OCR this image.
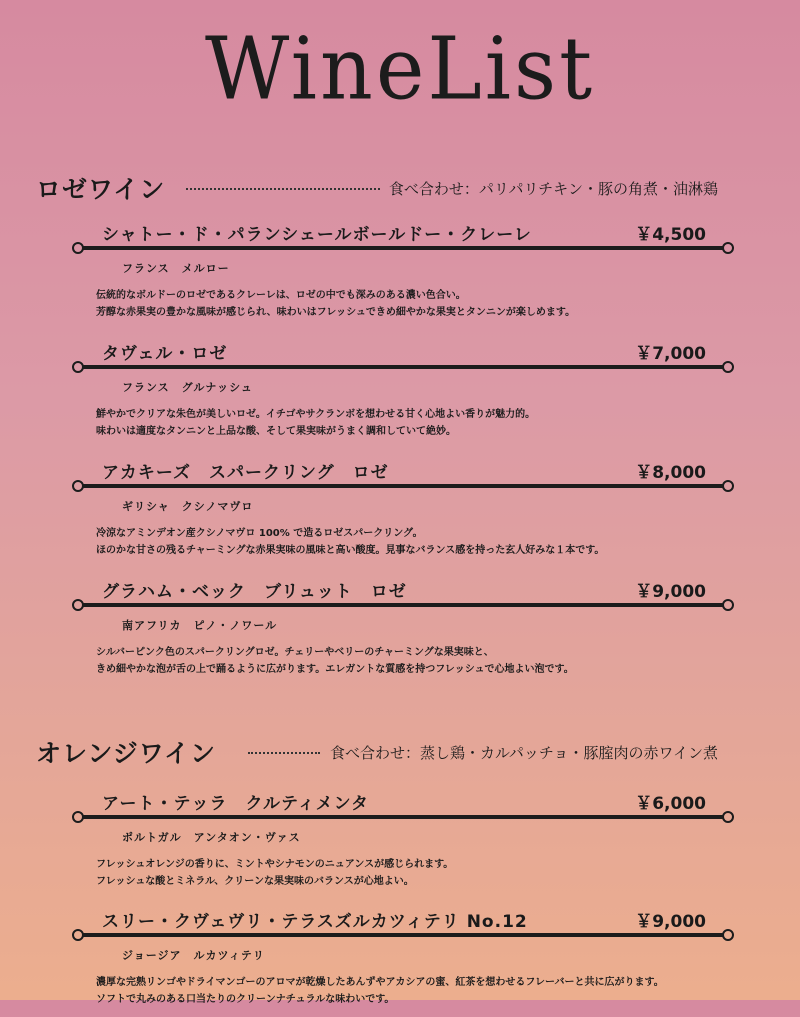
WineList
ロゼワイン	食べ合わせ：パリパリチキン・豚の角煮・油淋鶏
シャトー・ド・パランシェールボールドー・クレーレ	￥4,500
フランス　メルロー
伝統的なボルドーのロゼであるクレーレは、ロゼの中でも深みのある濃い色合い。
芳醇な赤果実の豊かな風味が感じられ、味わいはフレッシュできめ細やかな果実とタンニンが楽しめます。
タヴェル・ロゼ	￥7,000
フランス　グルナッシュ
鮮やかでクリアな朱色が美しいロゼ。イチゴやサクランボを想わせる甘く心地よい香りが魅力的。
味わいは適度なタンニンと上品な酸、そして果実味がうまく調和していて絶妙。
アカキーズ　スパークリング　ロゼ	￥8,000
ギリシャ　クシノマヴロ
冷涼なアミンデオン産クシノマヴロ 100% で造るロゼスパークリング。
ほのかな甘さの残るチャーミングな赤果実味の風味と高い酸度。見事なバランス感を持った玄人好みな１本です。
グラハム・ベック　ブリュット　ロゼ	￥9,000
南アフリカ　ピノ・ノワール
シルバーピンク色のスパークリングロゼ。チェリーやベリーのチャーミングな果実味と、
きめ細やかな泡が舌の上で踊るように広がります。エレガントな質感を持つフレッシュで心地よい泡です。
オレンジワイン	食べ合わせ：蒸し鶏・カルパッチョ・豚腟肉の赤ワイン煮
アート・テッラ　クルティメンタ	￥6,000
ポルトガル　アンタオン・ヴァス
フレッシュオレンジの香りに、ミントやシナモンのニュアンスが感じられます。
フレッシュな酸とミネラル、クリーンな果実味のバランスが心地よい。
スリー・クヴェヴリ・テラスズルカツィテリ No.12	￥9,000
ジョージア　ルカツィテリ
濃厚な完熟リンゴやドライマンゴーのアロマが乾燥したあんずやアカシアの蜜、紅茶を想わせるフレーバーと共に広がります。
ソフトで丸みのある口当たりのクリーンナチュラルな味わいです。
